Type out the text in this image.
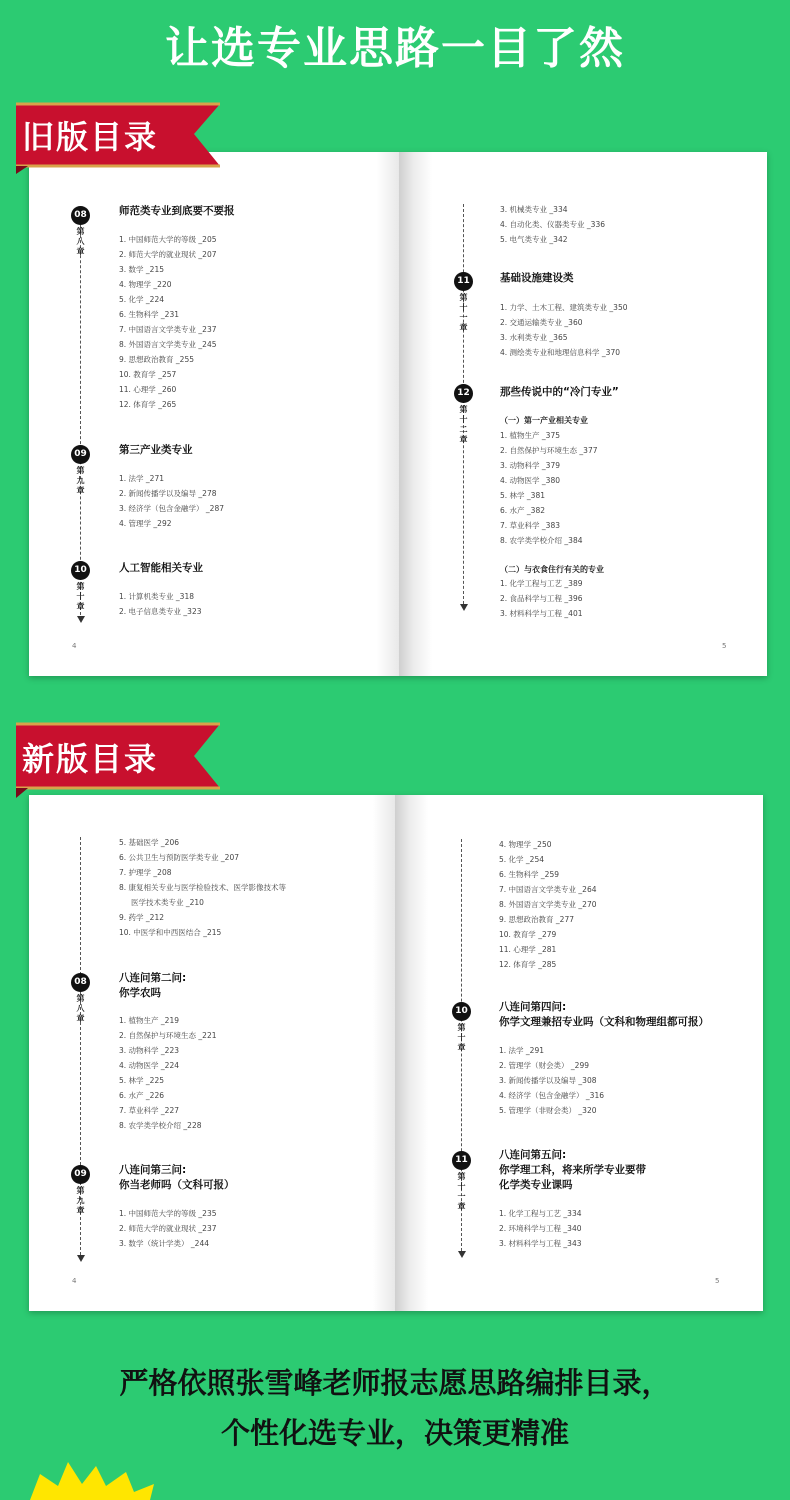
让选专业思路一目了然
08
第八章
师范类专业到底要不要报
1. 中国师范大学的等级 _205
2. 师范大学的就业现状 _207
3. 数学 _215
4. 物理学 _220
5. 化学 _224
6. 生物科学 _231
7. 中国语言文学类专业 _237
8. 外国语言文学类专业 _245
9. 思想政治教育 _255
10. 教育学 _257
11. 心理学 _260
12. 体育学 _265
09
第九章
第三产业类专业
1. 法学 _271
2. 新闻传播学以及编导 _278
3. 经济学（包含金融学） _287
4. 管理学 _292
10
第十章
人工智能相关专业
1. 计算机类专业 _318
2. 电子信息类专业 _323
4
3. 机械类专业 _334
4. 自动化类、仪器类专业 _336
5. 电气类专业 _342
11
第十一章
基础设施建设类
1. 力学、土木工程、建筑类专业 _350
2. 交通运输类专业 _360
3. 水利类专业 _365
4. 测绘类专业和地理信息科学 _370
12
第十二章
那些传说中的“冷门专业”
（一）第一产业相关专业
1. 植物生产 _375
2. 自然保护与环境生态 _377
3. 动物科学 _379
4. 动物医学 _380
5. 林学 _381
6. 水产 _382
7. 草业科学 _383
8. 农学类学校介绍 _384
（二）与衣食住行有关的专业
1. 化学工程与工艺 _389
2. 食品科学与工程 _396
3. 材料科学与工程 _401
5
旧版目录
5. 基础医学 _206
6. 公共卫生与预防医学类专业 _207
7. 护理学 _208
8. 康复相关专业与医学检验技术、医学影像技术等
医学技术类专业 _210
9. 药学 _212
10. 中医学和中西医结合 _215
08
第八章
八连问第二问:
你学农吗
1. 植物生产 _219
2. 自然保护与环境生态 _221
3. 动物科学 _223
4. 动物医学 _224
5. 林学 _225
6. 水产 _226
7. 草业科学 _227
8. 农学类学校介绍 _228
09
第九章
八连问第三问:
你当老师吗（文科可报）
1. 中国师范大学的等级 _235
2. 师范大学的就业现状 _237
3. 数学（统计学类） _244
4
4. 物理学 _250
5. 化学 _254
6. 生物科学 _259
7. 中国语言文学类专业 _264
8. 外国语言文学类专业 _270
9. 思想政治教育 _277
10. 教育学 _279
11. 心理学 _281
12. 体育学 _285
10
第十章
八连问第四问:
你学文理兼招专业吗（文科和物理组都可报）
1. 法学 _291
2. 管理学（财会类） _299
3. 新闻传播学以及编导 _308
4. 经济学（包含金融学） _316
5. 管理学（非财会类） _320
11
第十一章
八连问第五问:
你学理工科，将来所学专业要带
化学类专业课吗
1. 化学工程与工艺 _334
2. 环境科学与工程 _340
3. 材料科学与工程 _343
5
新版目录
严格依照张雪峰老师报志愿思路编排目录，
个性化选专业，决策更精准
